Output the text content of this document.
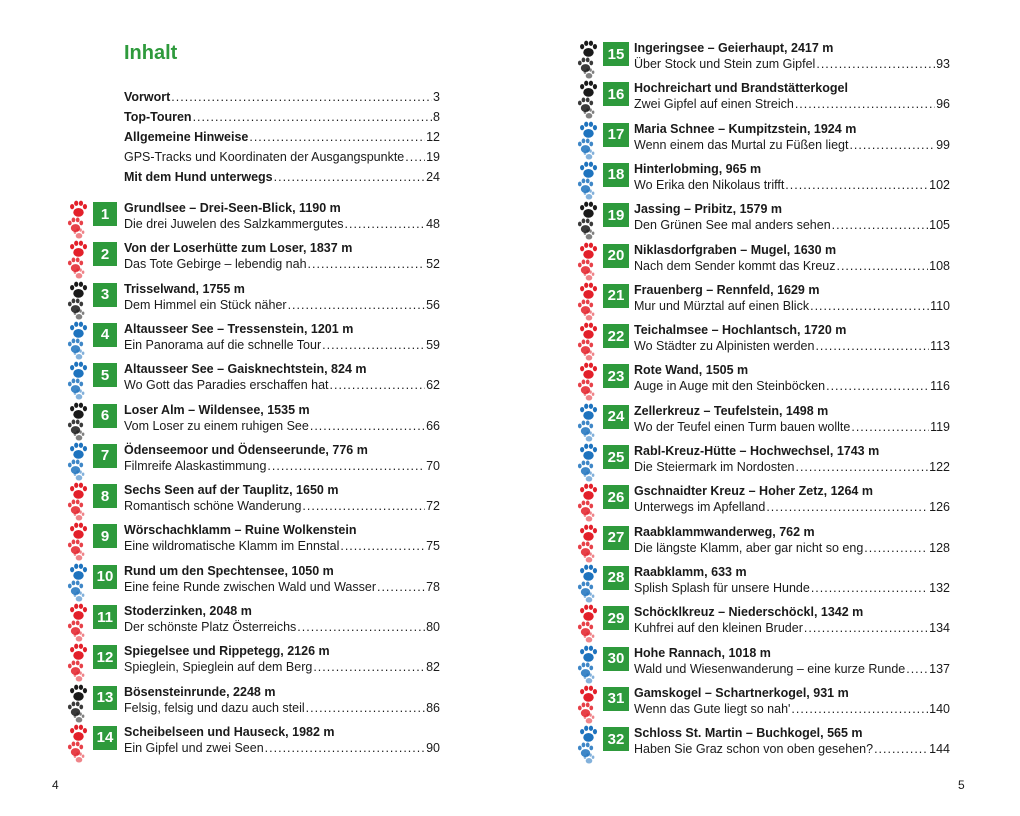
Inhalt
Vorwort .....	3
Top-Touren .....	8
Allgemeine Hinweise .....	12
GPS-Tracks und Koordinaten der Ausgangspunkte ..... 19
Mit dem Hund unterwegs .....	24
1	Grundlsee – Drei-Seen-Blick, 1190 m
Die drei Juwelen des Salzkammergutes .....	48
2	Von der Loserhütte zum Loser, 1837 m
Das Tote Gebirge – lebendig nah .....	52
3	Trisselwand, 1755 m
Dem Himmel ein Stück näher .....	56
4	Altausseer See – Tressenstein, 1201 m
Ein Panorama auf die schnelle Tour .....	59
5	Altausseer See – Gaisknechtstein, 824 m
Wo Gott das Paradies erschaffen hat .....	62
6	Loser Alm – Wildensee, 1535 m
Vom Loser zu einem ruhigen See .....	66
7	Ödenseemoor und Ödenseerunde, 776 m
Filmreife Alaskastimmung .....	70
8	Sechs Seen auf der Tauplitz, 1650 m
Romantisch schöne Wanderung .....	72
9	Wörschachklamm – Ruine Wolkenstein
Eine wildromatische Klamm im Ennstal .....	75
10 Rund um den Spechtensee, 1050 m
Eine feine Runde zwischen Wald und Wasser .....	78
11 Stoderzinken, 2048 m
Der schönste Platz Österreichs .....	80
12 Spiegelsee und Rippetegg, 2126 m
Spieglein, Spieglein auf dem Berg .....	82
13 Bösensteinrunde, 2248 m
Felsig, felsig und dazu auch steil .....	86
14 Scheibelseen und Hauseck, 1982 m
Ein Gipfel und zwei Seen .....	90
15 Ingeringsee – Geierhaupt, 2417 m
Über Stock und Stein zum Gipfel .....	93
16 Hochreichart und Brandstätterkogel
Zwei Gipfel auf einen Streich .....	96
17 Maria Schnee – Kumpitzstein, 1924 m
Wenn einem das Murtal zu Füßen liegt .....	99
18 Hinterlobming, 965 m
Wo Erika den Nikolaus trifft .....	102
19 Jassing – Pribitz, 1579 m
Den Grünen See mal anders sehen .....	105
20 Niklasdorfgraben – Mugel, 1630 m
Nach dem Sender kommt das Kreuz .....	108
21 Frauenberg – Rennfeld, 1629 m
Mur und Mürztal auf einen Blick .....	110
22 Teichalmsee – Hochlantsch, 1720 m
Wo Städter zu Alpinisten werden .....	113
23 Rote Wand, 1505 m
Auge in Auge mit den Steinböcken .....	116
24 Zellerkreuz – Teufelstein, 1498 m
Wo der Teufel einen Turm bauen wollte .....	119
25 Rabl-Kreuz-Hütte – Hochwechsel, 1743 m
Die Steiermark im Nordosten .....	122
26 Gschnaidter Kreuz – Hoher Zetz, 1264 m
Unterwegs im Apfelland .....	126
27 Raabklammwanderweg, 762 m
Die längste Klamm, aber gar nicht so eng .....	128
28 Raabklamm, 633 m
Splish Splash für unsere Hunde .....	132
29 Schöcklkreuz – Niederschöckl, 1342 m
Kuhfrei auf den kleinen Bruder .....	134
30 Hohe Rannach, 1018 m
Wald und Wiesenwanderung – eine kurze Runde ..... 137
31 Gamskogel – Schartnerkogel, 931 m
Wenn das Gute liegt so nah' .....	140
32 Schloss St. Martin – Buchkogel, 565 m
Haben Sie Graz schon von oben gesehen? .....	144
4	5
